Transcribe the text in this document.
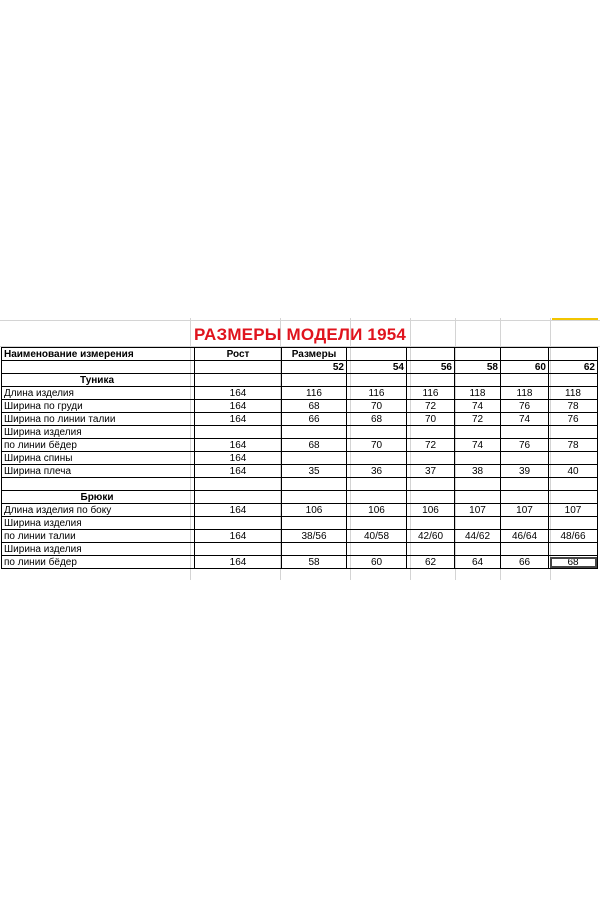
РАЗМЕРЫ МОДЕЛИ 1954
Наименование измерения	Рост	Размеры					
		52	54	56	58	60	62
Туника							
Длина изделия	164	116	116	116	118	118	118
Ширина по груди	164	68	70	72	74	76	78
Ширина по линии талии	164	66	68	70	72	74	76
Ширина изделия							
по линии бёдер	164	68	70	72	74	76	78
Ширина спины	164						
Ширина плеча	164	35	36	37	38	39	40

Брюки							
Длина изделия по боку	164	106	106	106	107	107	107
Ширина изделия							
по линии талии	164	38/56	40/58	42/60	44/62	46/64	48/66
Ширина изделия							
по линии бёдер	164	58	60	62	64	66	68
